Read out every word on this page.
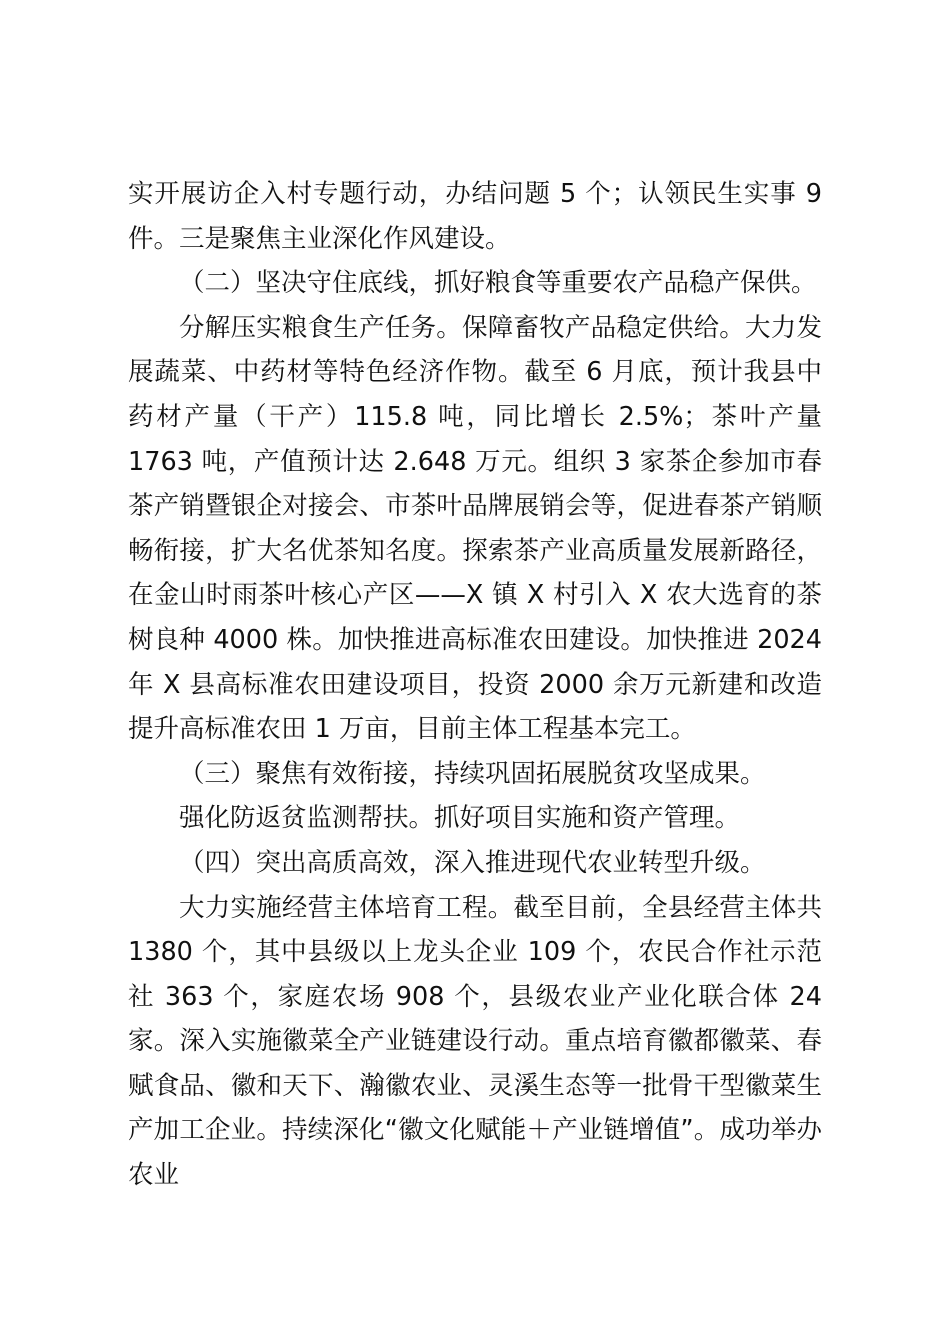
实开展访企入村专题行动，办结问题 5 个；认领民生实事 9 件。三是聚焦主业深化作风建设。

（二）坚决守住底线，抓好粮食等重要农产品稳产保供。

分解压实粮食生产任务。保障畜牧产品稳定供给。大力发展蔬菜、中药材等特色经济作物。截至 6 月底，预计我县中药材产量（干产）115.8 吨，同比增长 2.5%；茶叶产量 1763 吨，产值预计达 2.648 万元。组织 3 家茶企参加市春茶产销暨银企对接会、市茶叶品牌展销会等，促进春茶产销顺畅衔接，扩大名优茶知名度。探索茶产业高质量发展新路径，在金山时雨茶叶核心产区——X 镇 X 村引入 X 农大选育的茶树良种 4000 株。加快推进高标准农田建设。加快推进 2024 年 X 县高标准农田建设项目，投资 2000 余万元新建和改造提升高标准农田 1 万亩，目前主体工程基本完工。

（三）聚焦有效衔接，持续巩固拓展脱贫攻坚成果。

强化防返贫监测帮扶。抓好项目实施和资产管理。

（四）突出高质高效，深入推进现代农业转型升级。

大力实施经营主体培育工程。截至目前，全县经营主体共 1380 个，其中县级以上龙头企业 109 个，农民合作社示范社 363 个，家庭农场 908 个，县级农业产业化联合体 24 家。深入实施徽菜全产业链建设行动。重点培育徽都徽菜、春赋食品、徽和天下、瀚徽农业、灵溪生态等一批骨干型徽菜生产加工企业。持续深化“徽文化赋能＋产业链增值”。成功举办农业
